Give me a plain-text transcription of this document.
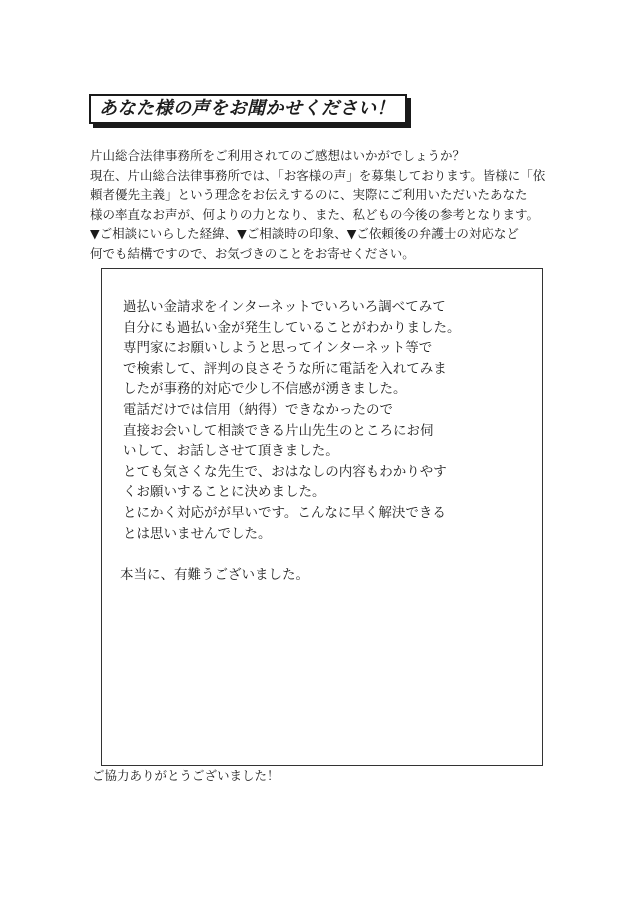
あなた様の声をお聞かせください！
片山総合法律事務所をご利用されてのご感想はいかがでしょうか？
現在、片山総合法律事務所では、「お客様の声」を募集しております。皆様に「依
頼者優先主義」という理念をお伝えするのに、実際にご利用いただいたあなた
様の率直なお声が、何よりの力となり、また、私どもの今後の参考となります。
▼ご相談にいらした経緯、▼ご相談時の印象、▼ご依頼後の弁護士の対応など
何でも結構ですので、お気づきのことをお寄せください。
過払い金請求をインターネットでいろいろ調べてみて
自分にも過払い金が発生していることがわかりました。
専門家にお願いしようと思ってインターネット等で
で検索して、評判の良さそうな所に電話を入れてみま
したが事務的対応で少し不信感が湧きました。
電話だけでは信用（納得）できなかったので
直接お会いして相談できる片山先生のところにお伺
いして、お話しさせて頂きました。
とても気さくな先生で、おはなしの内容もわかりやす
くお願いすることに決めました。
とにかく対応がが早いです。こんなに早く解決できる
とは思いませんでした。
本当に、有難うございました。
ご協力ありがとうございました！
